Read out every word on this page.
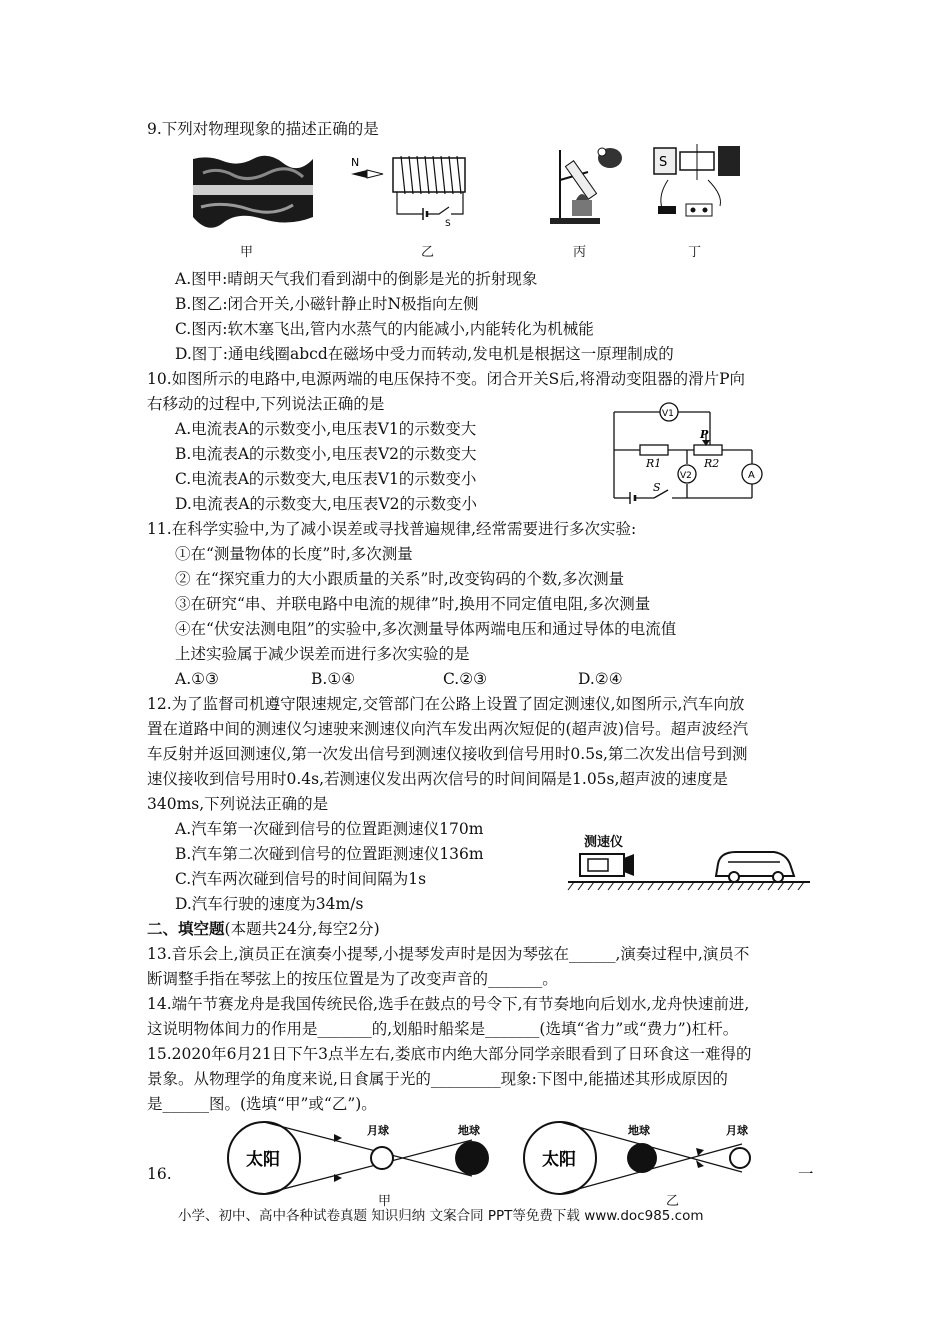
9.下列对物理现象的描述正确的是
甲
N
S
乙	丙
S
丁
A.图甲:晴朗天气我们看到湖中的倒影是光的折射现象
B.图乙:闭合开关,小磁针静止时N极指向左侧
C.图丙:软木塞飞出,管内水蒸气的内能减小,内能转化为机械能
D.图丁:通电线圈abcd在磁场中受力而转动,发电机是根据这一原理制成的
10.如图所示的电路中,电源两端的电压保持不变。闭合开关S后,将滑动变阻器的滑片P向
右移动的过程中,下列说法正确的是
A.电流表A的示数变小,电压表V1的示数变大
B.电流表A的示数变小,电压表V2的示数变大
C.电流表A的示数变大,电压表V1的示数变小
D.电流表A的示数变大,电压表V2的示数变小
V1
V2	A
P
R1	R2
S
11.在科学实验中,为了减小误差或寻找普遍规律,经常需要进行多次实验:
①在“测量物体的长度”时,多次测量
② 在“探究重力的大小跟质量的关系”时,改变钩码的个数,多次测量
③在研究“串、并联电路中电流的规律”时,换用不同定值电阻,多次测量
④在“伏安法测电阻”的实验中,多次测量导体两端电压和通过导体的电流值
上述实验属于减少误差而进行多次实验的是
A.①③	B.①④	C.②③	D.②④
12.为了监督司机遵守限速规定,交管部门在公路上设置了固定测速仪,如图所示,汽车向放
置在道路中间的测速仪匀速驶来测速仪向汽车发出两次短促的(超声波)信号。超声波经汽
车反射并返回测速仪,第一次发出信号到测速仪接收到信号用时0.5s,第二次发出信号到测
速仪接收到信号用时0.4s,若测速仪发出两次信号的时间间隔是1.05s,超声波的速度是
340ms,下列说法正确的是
A.汽车第一次碰到信号的位置距测速仪170m
B.汽车第二次碰到信号的位置距测速仪136m
C.汽车两次碰到信号的时间间隔为1s
D.汽车行驶的速度为34m/s
测速仪
二、填空题(本题共24分,每空2分)
13.音乐会上,演员正在演奏小提琴,小提琴发声时是因为琴弦在______,演奏过程中,演员不
断调整手指在琴弦上的按压位置是为了改变声音的_______。
14.端午节赛龙舟是我国传统民俗,选手在鼓点的号令下,有节奏地向后划水,龙舟快速前进,
这说明物体间力的作用是_______的,划船时船桨是_______(选填“省力”或“费力”)杠杆。
15.2020年6月21日下午3点半左右,娄底市内绝大部分同学亲眼看到了日环食这一难得的
景象。从物理学的角度来说,日食属于光的_________现象:下图中,能描述其形成原因的
是______图。(选填“甲”或“乙”)。
太阳
月球	地球
甲
太阳
地球	月球
乙
16.	一
小学、初中、高中各种试卷真题 知识归纳 文案合同 PPT等免费下载 www.doc985.com
